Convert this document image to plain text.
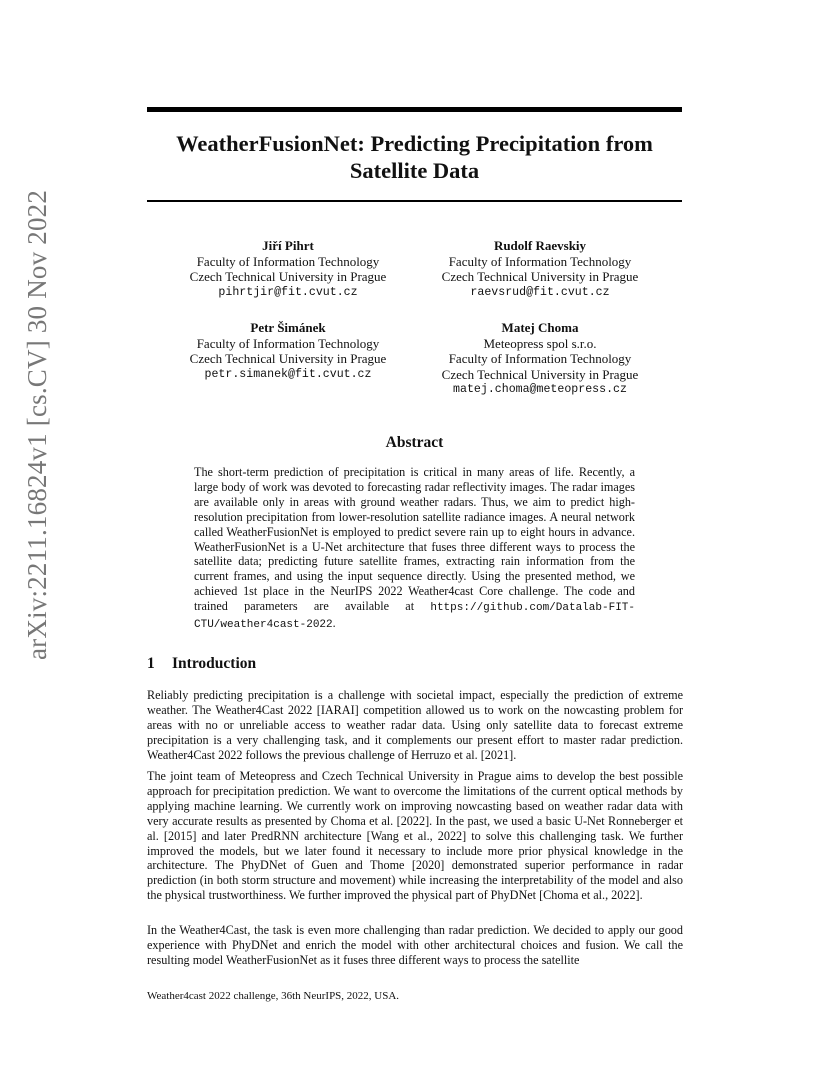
arXiv:2211.16824v1 [cs.CV] 30 Nov 2022
WeatherFusionNet: Predicting Precipitation from Satellite Data
Jiří Pihrt
Faculty of Information Technology
Czech Technical University in Prague
pihrtjir@fit.cvut.cz
Rudolf Raevskiy
Faculty of Information Technology
Czech Technical University in Prague
raevsrud@fit.cvut.cz
Petr Šimánek
Faculty of Information Technology
Czech Technical University in Prague
petr.simanek@fit.cvut.cz
Matej Choma
Meteopress spol s.r.o.
Faculty of Information Technology
Czech Technical University in Prague
matej.choma@meteopress.cz
Abstract

The short-term prediction of precipitation is critical in many areas of life. Recently, a large body of work was devoted to forecasting radar reflectivity images. The radar images are available only in areas with ground weather radars. Thus, we aim to predict high-resolution precipitation from lower-resolution satellite radiance images. A neural network called WeatherFusionNet is employed to predict severe rain up to eight hours in advance. WeatherFusionNet is a U-Net architecture that fuses three different ways to process the satellite data; predicting future satellite frames, extracting rain information from the current frames, and using the input sequence directly. Using the presented method, we achieved 1st place in the NeurIPS 2022 Weather4cast Core challenge. The code and trained parameters are available at https://github.com/Datalab-FIT-CTU/weather4cast-2022.

1 Introduction

Reliably predicting precipitation is a challenge with societal impact, especially the prediction of extreme weather. The Weather4Cast 2022 [IARAI] competition allowed us to work on the nowcasting problem for areas with no or unreliable access to weather radar data. Using only satellite data to forecast extreme precipitation is a very challenging task, and it complements our present effort to master radar prediction. Weather4Cast 2022 follows the previous challenge of Herruzo et al. [2021].

The joint team of Meteopress and Czech Technical University in Prague aims to develop the best possible approach for precipitation prediction. We want to overcome the limitations of the current optical methods by applying machine learning. We currently work on improving nowcasting based on weather radar data with very accurate results as presented by Choma et al. [2022]. In the past, we used a basic U-Net Ronneberger et al. [2015] and later PredRNN architecture [Wang et al., 2022] to solve this challenging task. We further improved the models, but we later found it necessary to include more prior physical knowledge in the architecture. The PhyDNet of Guen and Thome [2020] demonstrated superior performance in radar prediction (in both storm structure and movement) while increasing the interpretability of the model and also the physical trustworthiness. We further improved the physical part of PhyDNet [Choma et al., 2022].

In the Weather4Cast, the task is even more challenging than radar prediction. We decided to apply our good experience with PhyDNet and enrich the model with other architectural choices and fusion. We call the resulting model WeatherFusionNet as it fuses three different ways to process the satellite

Weather4cast 2022 challenge, 36th NeurIPS, 2022, USA.
